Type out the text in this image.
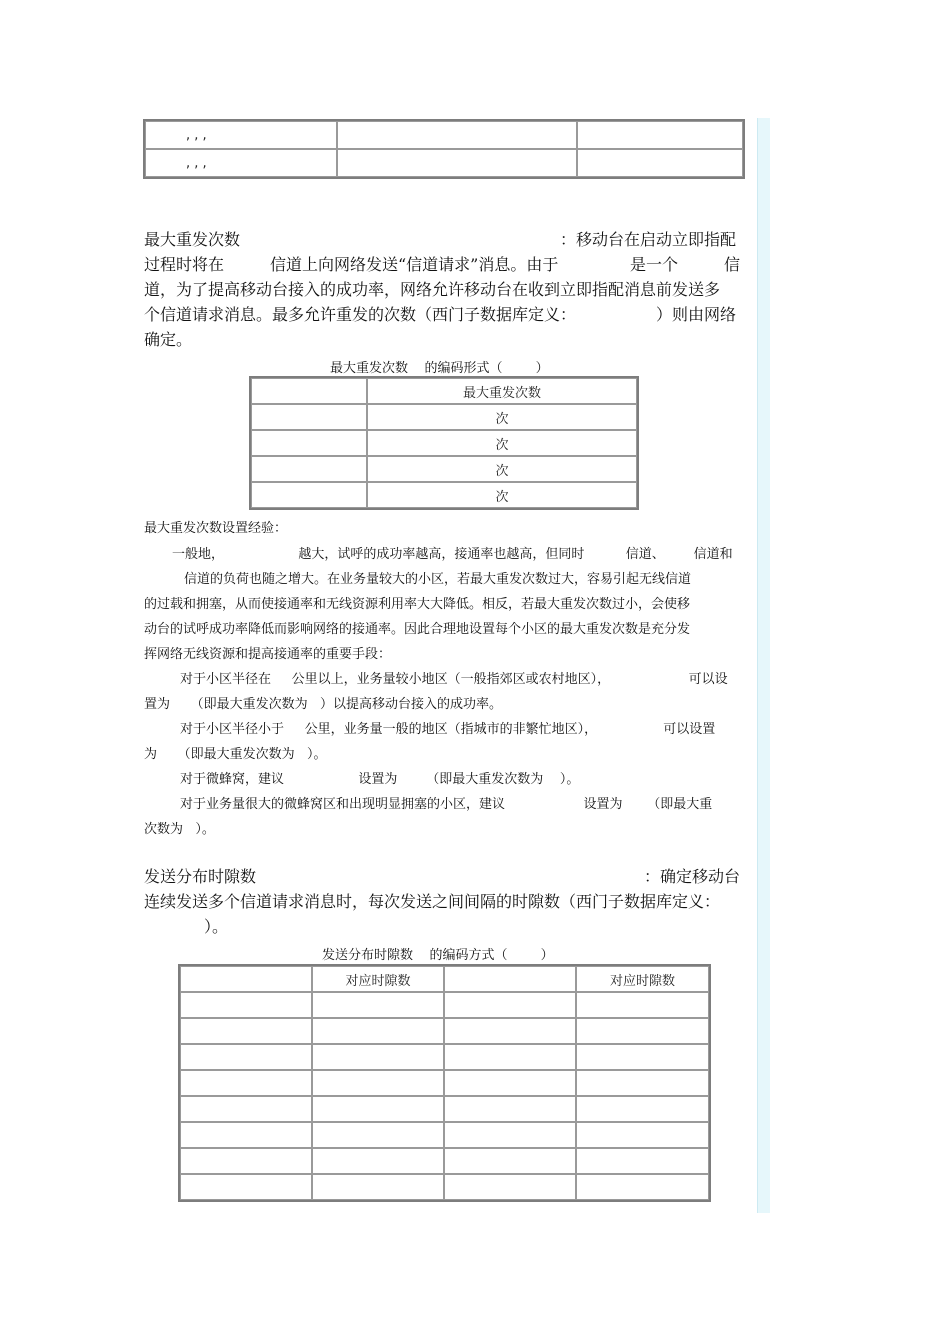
, , ,		
, , ,		
最大重发次数	：移动台在启动立即指配
过程时将在	信道上向网络发送“信道请求”消息。由于	是一个	信
道，为了提高移动台接入的成功率，网络允许移动台在收到立即指配消息前发送多
个信道请求消息。最多允许重发的次数（西门子数据库定义：	）则由网络
确定。
最大重发次数    的编码形式（        ）
	最大重发次数
	次
	次
	次
	次
最大重发次数设置经验：
一般地，                  越大，试呼的成功率越高，接通率也越高，但同时          信道、       信道和
信道的负荷也随之增大。在业务量较大的小区，若最大重发次数过大，容易引起无线信道
的过载和拥塞，从而使接通率和无线资源利用率大大降低。相反，若最大重发次数过小，会使移
动台的试呼成功率降低而影响网络的接通率。因此合理地设置每个小区的最大重发次数是充分发
挥网络无线资源和提高接通率的重要手段：
对于小区半径在     公里以上，业务量较小地区（一般指郊区或农村地区），                   可以设
置为     （即最大重发次数为   ）以提高移动台接入的成功率。
对于小区半径小于     公里，业务量一般的地区（指城市的非繁忙地区），                可以设置
为     （即最大重发次数为   ）。
对于微蜂窝，建议                  设置为       （即最大重发次数为    ）。
对于业务量很大的微蜂窝区和出现明显拥塞的小区，建议                   设置为      （即最大重
次数为   ）。
发送分布时隙数	：确定移动台
连续发送多个信道请求消息时，每次发送之间间隔的时隙数（西门子数据库定义：
）。
发送分布时隙数    的编码方式（        ）
	对应时隙数		对应时隙数
